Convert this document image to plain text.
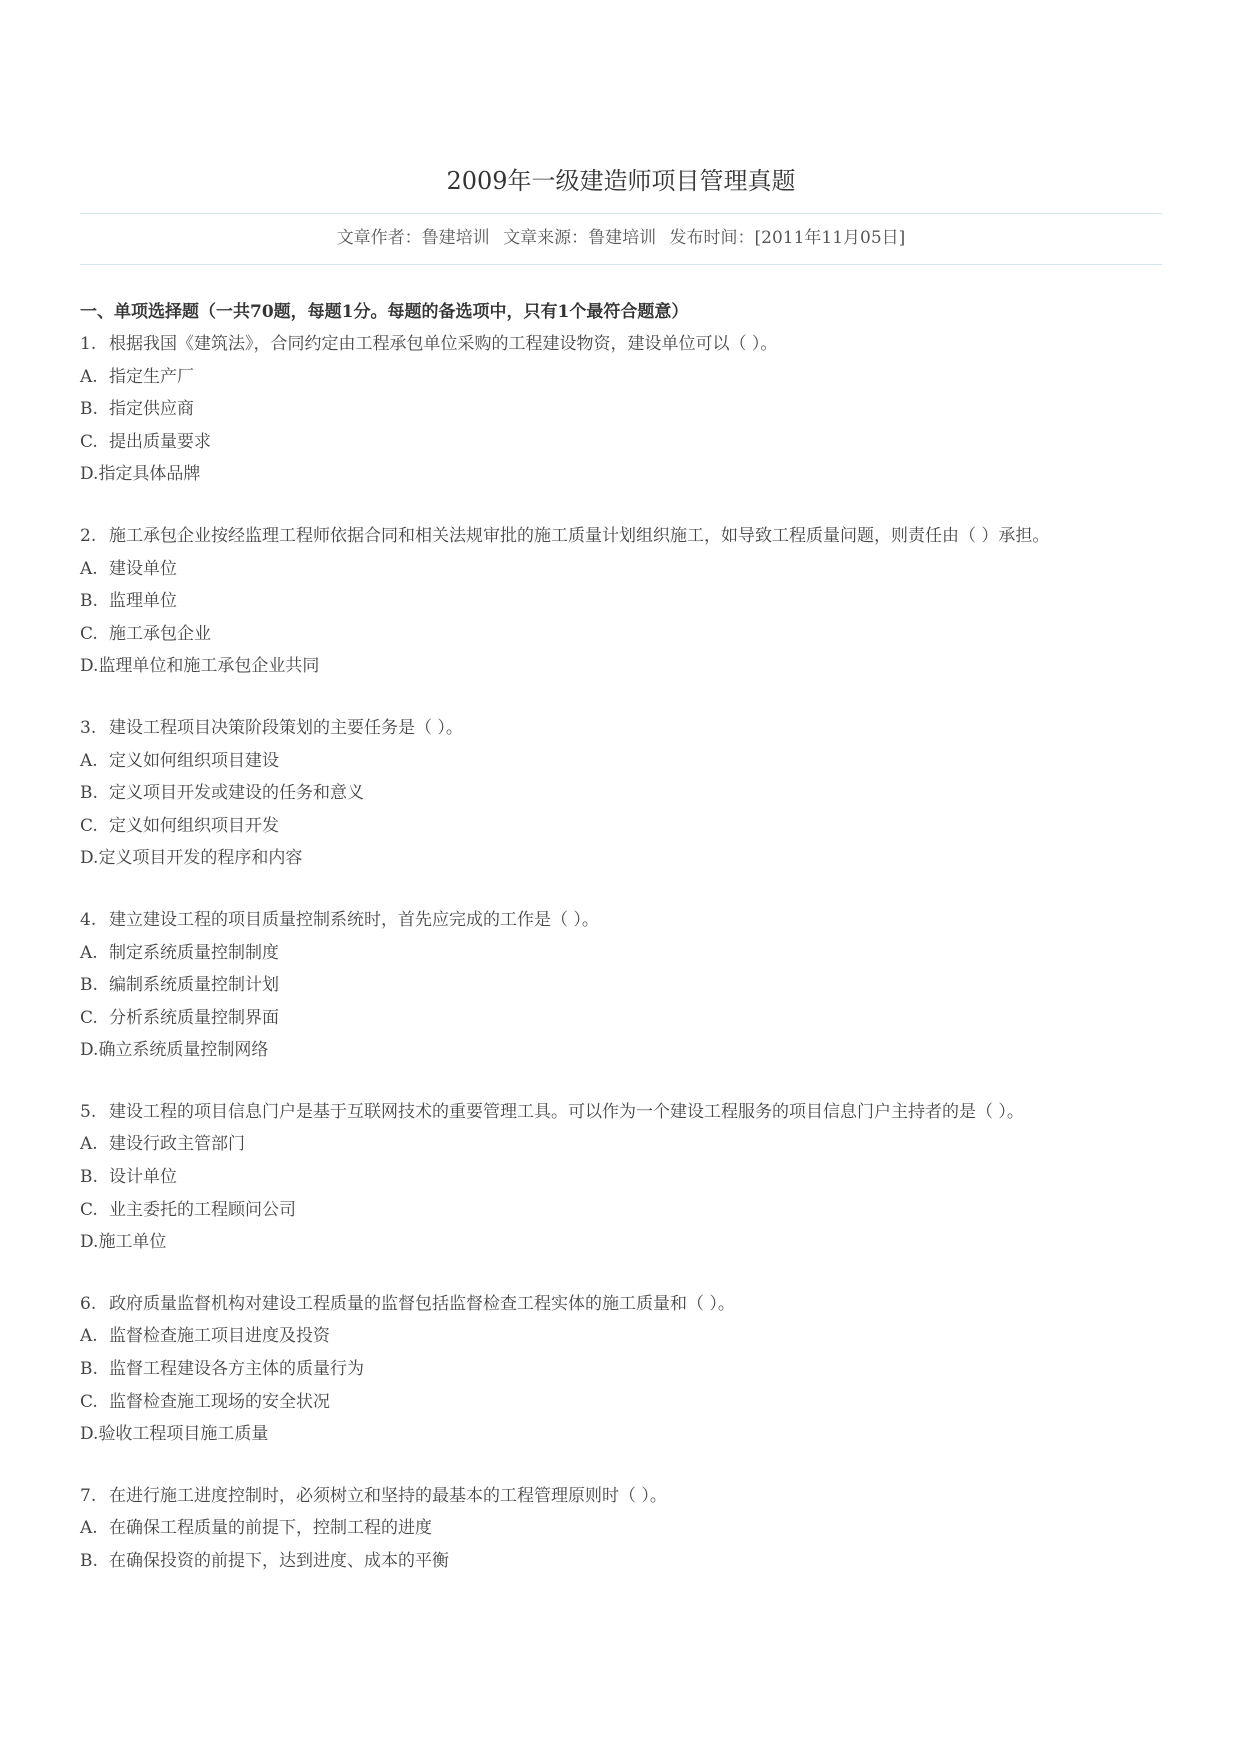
2009年一级建造师项目管理真题
文章作者：鲁建培训 文章来源：鲁建培训 发布时间：[2011年11月05日]
一、单项选择题（一共70题，每题1分。每题的备选项中，只有1个最符合题意）
1. 根据我国《建筑法》，合同约定由工程承包单位采购的工程建设物资，建设单位可以（ ）。
A. 指定生产厂
B. 指定供应商
C. 提出质量要求
D.指定具体品牌
2. 施工承包企业按经监理工程师依据合同和相关法规审批的施工质量计划组织施工，如导致工程质量问题，则责任由（ ）承担。
A. 建设单位
B. 监理单位
C. 施工承包企业
D.监理单位和施工承包企业共同
3. 建设工程项目决策阶段策划的主要任务是（ ）。
A. 定义如何组织项目建设
B. 定义项目开发或建设的任务和意义
C. 定义如何组织项目开发
D.定义项目开发的程序和内容
4. 建立建设工程的项目质量控制系统时，首先应完成的工作是（ ）。
A. 制定系统质量控制制度
B. 编制系统质量控制计划
C. 分析系统质量控制界面
D.确立系统质量控制网络
5. 建设工程的项目信息门户是基于互联网技术的重要管理工具。可以作为一个建设工程服务的项目信息门户主持者的是（ ）。
A. 建设行政主管部门
B. 设计单位
C. 业主委托的工程顾问公司
D.施工单位
6. 政府质量监督机构对建设工程质量的监督包括监督检查工程实体的施工质量和（ ）。
A. 监督检查施工项目进度及投资
B. 监督工程建设各方主体的质量行为
C. 监督检查施工现场的安全状况
D.验收工程项目施工质量
7. 在进行施工进度控制时，必须树立和坚持的最基本的工程管理原则时（ ）。
A. 在确保工程质量的前提下，控制工程的进度
B. 在确保投资的前提下，达到进度、成本的平衡
